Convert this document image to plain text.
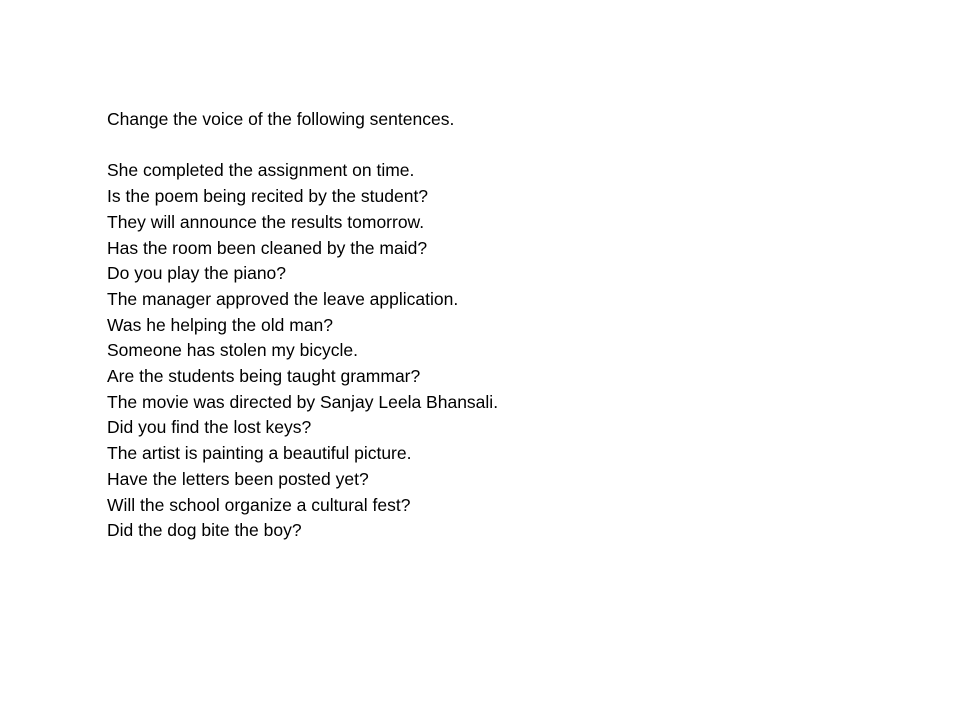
Change the voice of the following sentences.

She completed the assignment on time.
Is the poem being recited by the student?
They will announce the results tomorrow.
Has the room been cleaned by the maid?
Do you play the piano?
The manager approved the leave application.
Was he helping the old man?
Someone has stolen my bicycle.
Are the students being taught grammar?
The movie was directed by Sanjay Leela Bhansali.
Did you find the lost keys?
The artist is painting a beautiful picture.
Have the letters been posted yet?
Will the school organize a cultural fest?
Did the dog bite the boy?
